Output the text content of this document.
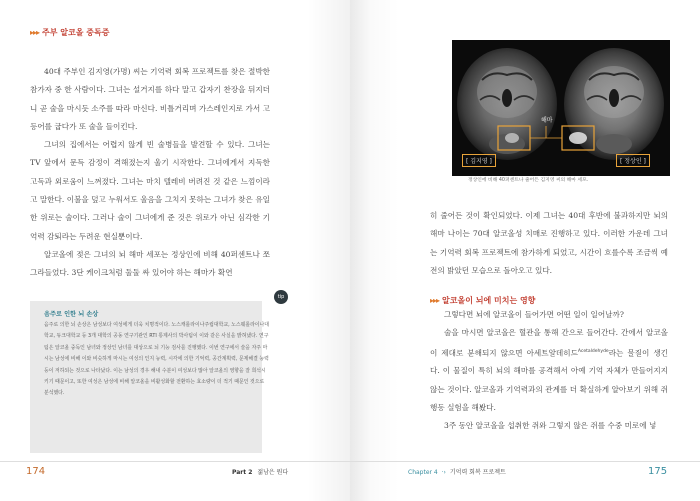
▸▸▸ 주부 알코올 중독증

40대 주부인 김지영(가명) 씨는 기억력 회복 프로젝트를 찾은 절박한 참가자 중 한 사람이다. 그녀는 설거지를 하다 말고 갑자기 찬장을 뒤지더니 곧 술을 마시듯 소주를 따라 마신다. 비틀거리며 가스레인지로 가서 고등어를 굽다가 또 술을 들이킨다.

그녀의 집에서는 어렵지 않게 빈 술병들을 발견할 수 있다. 그녀는 TV 앞에서 문득 감정이 격해졌는지 울기 시작한다. 그녀에게서 지독한 고독과 외로움이 느껴졌다. 그녀는 마치 텔레비 버려진 것 같은 느낌이라고 말한다. 이불을 덮고 누워서도 울음을 그치지 못하는 그녀가 찾은 유일한 위로는 술이다. 그러나 술이 그녀에게 준 것은 위로가 아닌 심각한 기억력 감퇴라는 두려운 현실뿐이다.

알코올에 젖은 그녀의 뇌 해마 세포는 정상인에 비해 40퍼센트나 쪼그라들었다. 3단 케이크처럼 둘둘 싸 있어야 하는 해마가 확연

tip
음주로 인한 뇌 손상

음주로 의한 뇌 손상은 남성보다 여성에게 더욱 치명적이다. 노스캐롤라이나주립대학교, 노스웨롤라이나대학교, 듀크대학교 등 3개 대학의 공동 연구기관인 RTI 통제사의 박사팀이 이와 같은 사실을 밝혀냈다. 연구팀은 알코올 중독인 남녀와 정상인 남녀를 대상으로 뇌 기능 검사를 진행했다. 이번 연구에서 술을 자주 마시는 남성에 비해 이와 비슷하게 마시는 여성의 인지 능력, 시각에 의한 기억력, 공간계획력, 문제해결 능력 등이 저하되는 것으로 나타났다. 이는 남성의 경우 해내 수분이 여성보다 많아 알코올의 영향을 잘 희석시키기 때문이고, 또한 여성은 남성에 비해 알코올을 비활성화할 전환하는 효소량이 더 적기 때문인 것으로 분석했다.

174	Part 2 젊남은 뭔다
해마
[ 김지영 ]	[ 정상인 ]
정상인에 비해 40퍼센트나 줄어든 김지영 씨의 해마 세포.

히 줄어든 것이 확인되었다. 이제 그녀는 40대 후반에 불과하지만 뇌의 해마 나이는 70대 알코올성 치매로 진행하고 있다. 이러한 가운데 그녀는 기억력 회복 프로젝트에 참가하게 되었고, 시간이 흐를수록 조금씩 예전의 밝았던 모습으로 돌아오고 있다.

▸▸▸ 알코올이 뇌에 미치는 영향

그렇다면 뇌에 알코올이 들어가면 어떤 일이 일어날까?

술을 마시면 알코올은 혈관을 통해 간으로 들어간다. 간에서 알코올이 제대로 분해되지 않으면 아세트알데히드$^{Acetaldehyde}$라는 물질이 생긴다. 이 물질이 특히 뇌의 해마를 공격해서 아예 기억 자체가 만들어지지 않는 것이다. 알코올과 기억력과의 관계를 더 확실하게 알아보기 위해 쥐 행동 실험을 해봤다.

3주 동안 알코올을 섭취한 쥐와 그렇지 않은 쥐를 수중 미로에 넣

Chapter 4 ·› 기억력 회복 프로젝트	175
